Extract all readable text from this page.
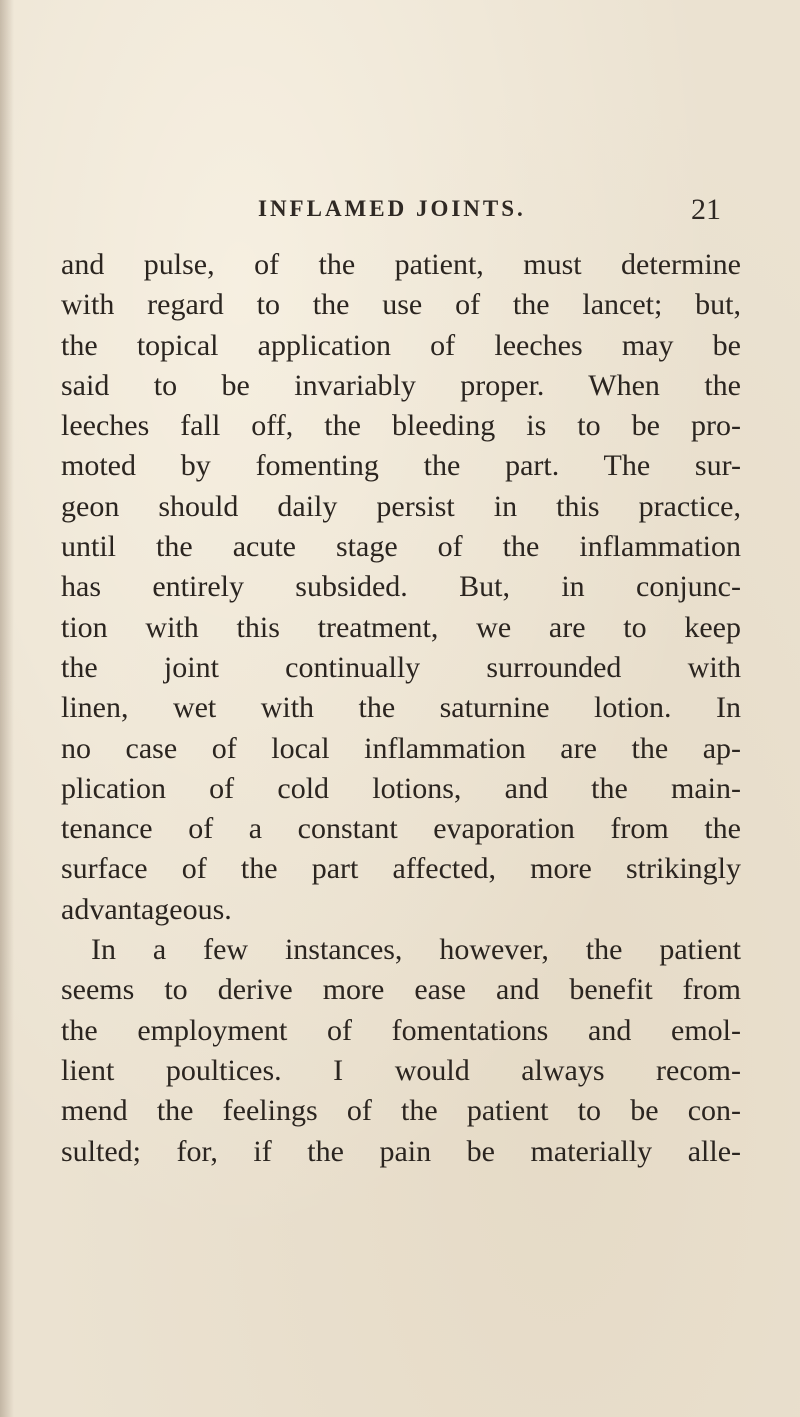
INFLAMED JOINTS.	21
and pulse, of the patient, must determine
with regard to the use of the lancet; but,
the topical application of leeches may be
said to be invariably proper. When the
leeches fall off, the bleeding is to be pro-
moted by fomenting the part. The sur-
geon should daily persist in this practice,
until the acute stage of the inflammation
has entirely subsided. But, in conjunc-
tion with this treatment, we are to keep
the joint continually surrounded with
linen, wet with the saturnine lotion. In
no case of local inflammation are the ap-
plication of cold lotions, and the main-
tenance of a constant evaporation from the
surface of the part affected, more strikingly
advantageous.
In a few instances, however, the patient
seems to derive more ease and benefit from
the employment of fomentations and emol-
lient poultices. I would always recom-
mend the feelings of the patient to be con-
sulted; for, if the pain be materially alle-
